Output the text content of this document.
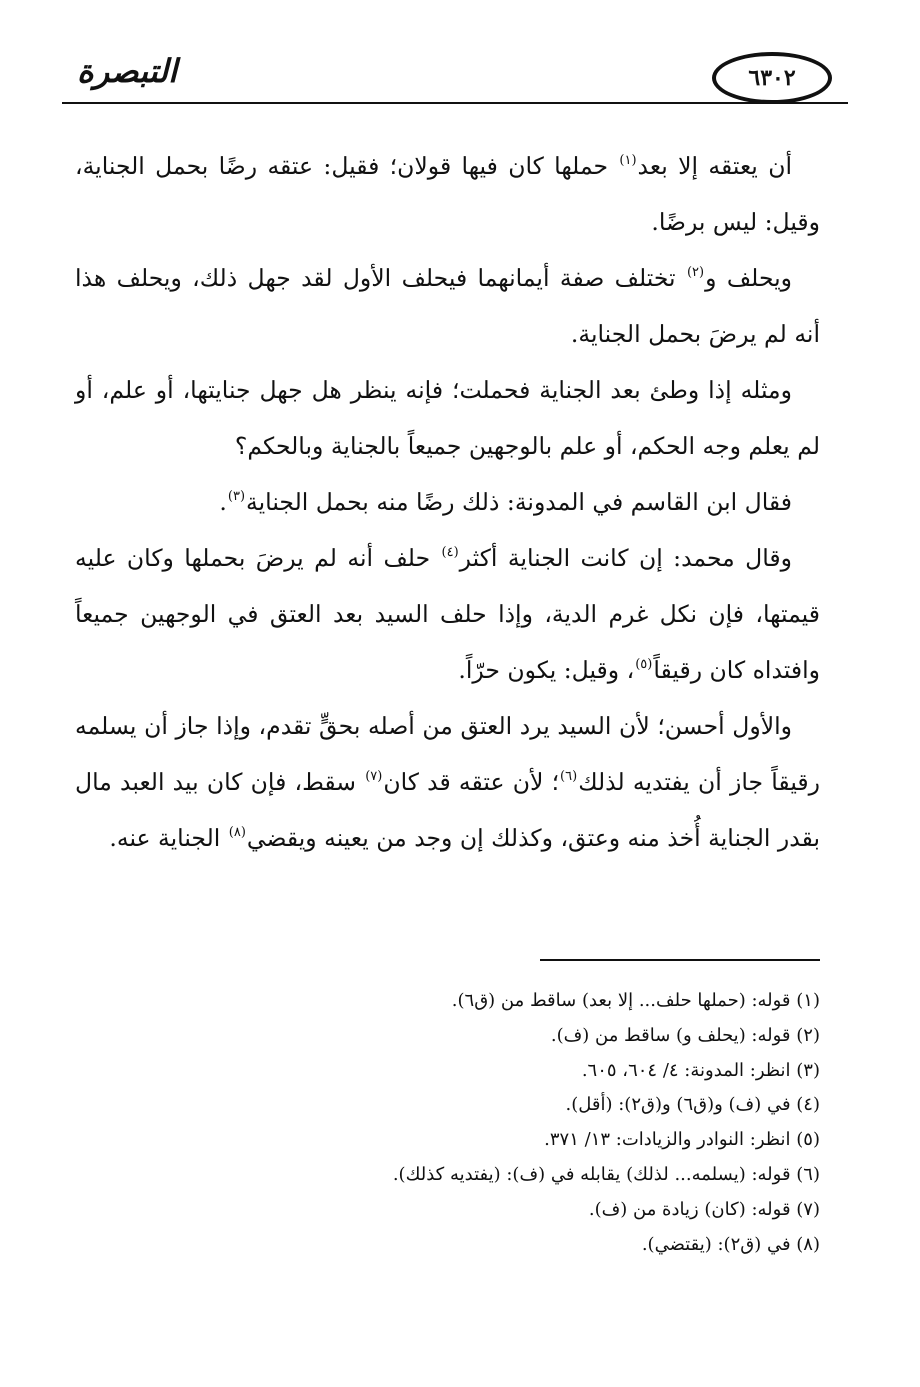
٦٣٠٢
التبصرة

أن يعتقه إلا بعد$^{(١)}$ حملها كان فيها قولان؛ فقيل: عتقه رضًا بحمل الجناية، وقيل: ليس برضًا.

ويحلف و$^{(٢)}$ تختلف صفة أيمانهما فيحلف الأول لقد جهل ذلك، ويحلف هذا أنه لم يرضَ بحمل الجناية.

ومثله إذا وطئ بعد الجناية فحملت؛ فإنه ينظر هل جهل جنايتها، أو علم، أو لم يعلم وجه الحكم، أو علم بالوجهين جميعاً بالجناية وبالحكم؟

فقال ابن القاسم في المدونة: ذلك رضًا منه بحمل الجناية$^{(٣)}$.

وقال محمد: إن كانت الجناية أكثر$^{(٤)}$ حلف أنه لم يرضَ بحملها وكان عليه قيمتها، فإن نكل غرم الدية، وإذا حلف السيد بعد العتق في الوجهين جميعاً وافتداه كان رقيقاً$^{(٥)}$، وقيل: يكون حرّاً.

والأول أحسن؛ لأن السيد يرد العتق من أصله بحقٍّ تقدم، وإذا جاز أن يسلمه رقيقاً جاز أن يفتديه لذلك$^{(٦)}$؛ لأن عتقه قد كان$^{(٧)}$ سقط، فإن كان بيد العبد مال بقدر الجناية أُخذ منه وعتق، وكذلك إن وجد من يعينه ويقضي$^{(٨)}$ الجناية عنه.

(١) قوله: (حملها حلف... إلا بعد) ساقط من (ق٦).
(٢) قوله: (يحلف و) ساقط من (ف).
(٣) انظر: المدونة: ٤/ ٦٠٤، ٦٠٥.
(٤) في (ف) و(ق٦) و(ق٢): (أقل).
(٥) انظر: النوادر والزيادات: ١٣/ ٣٧١.
(٦) قوله: (يسلمه... لذلك) يقابله في (ف): (يفتديه كذلك).
(٧) قوله: (كان) زيادة من (ف).
(٨) في (ق٢): (يقتضي).
